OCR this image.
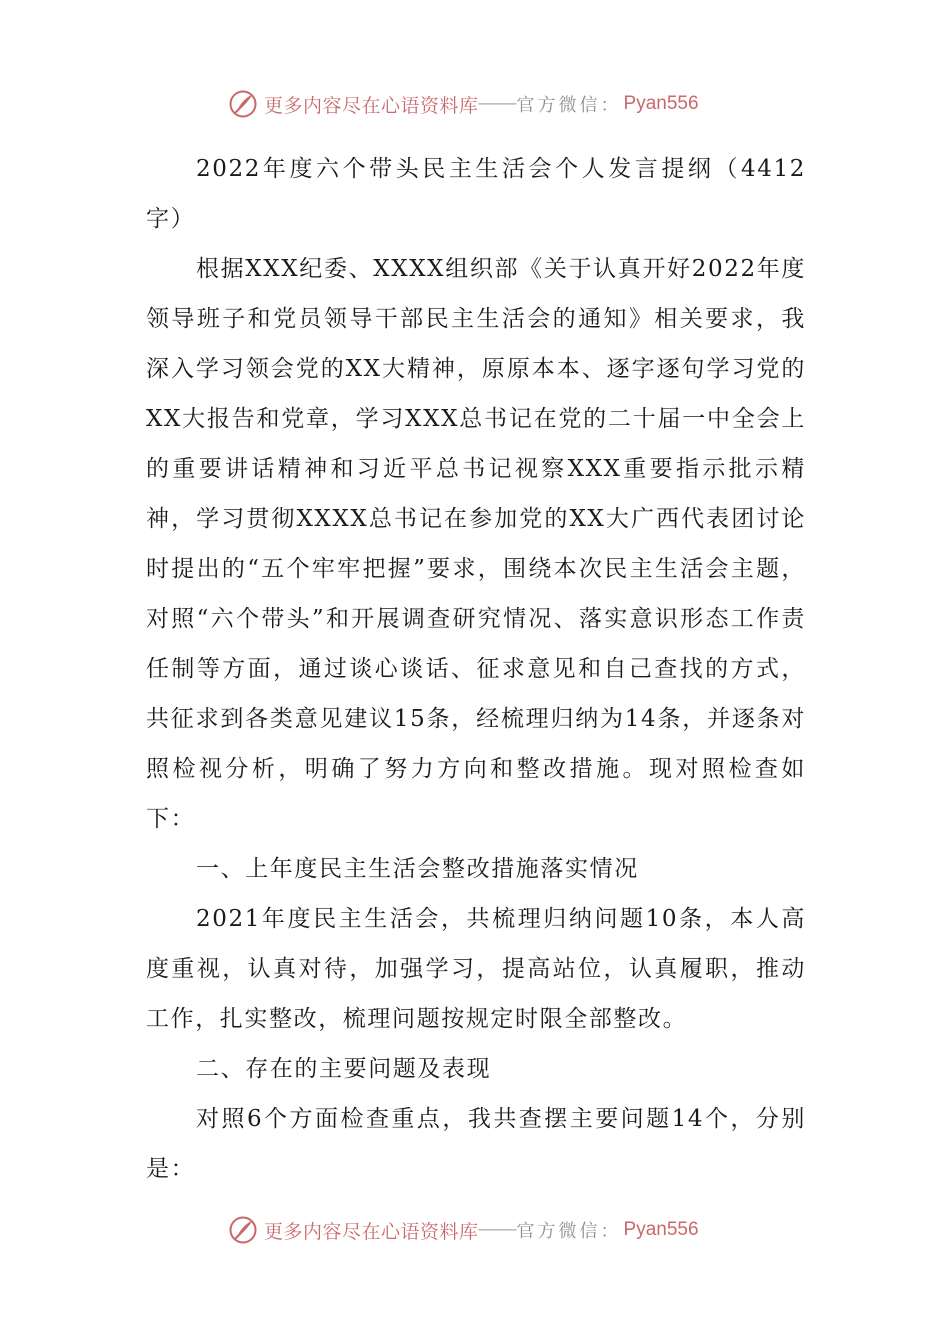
更多内容尽在心语资料库 —— 官方微信： Pyan556

2022年度六个带头民主生活会个人发言提纲（4412字）

根据XXX纪委、XXXX组织部《关于认真开好2022年度领导班子和党员领导干部民主生活会的通知》相关要求，我深入学习领会党的XX大精神，原原本本、逐字逐句学习党的XX大报告和党章，学习XXX总书记在党的二十届一中全会上的重要讲话精神和习近平总书记视察XXX重要指示批示精神，学习贯彻XXXX总书记在参加党的XX大广西代表团讨论时提出的“五个牢牢把握”要求，围绕本次民主生活会主题，对照“六个带头”和开展调查研究情况、落实意识形态工作责任制等方面，通过谈心谈话、征求意见和自己查找的方式，共征求到各类意见建议15条，经梳理归纳为14条，并逐条对照检视分析，明确了努力方向和整改措施。现对照检查如下：

一、上年度民主生活会整改措施落实情况

2021年度民主生活会，共梳理归纳问题10条，本人高度重视，认真对待，加强学习，提高站位，认真履职，推动工作，扎实整改，梳理问题按规定时限全部整改。

二、存在的主要问题及表现

对照6个方面检查重点，我共查摆主要问题14个，分别是：

更多内容尽在心语资料库 —— 官方微信： Pyan556
